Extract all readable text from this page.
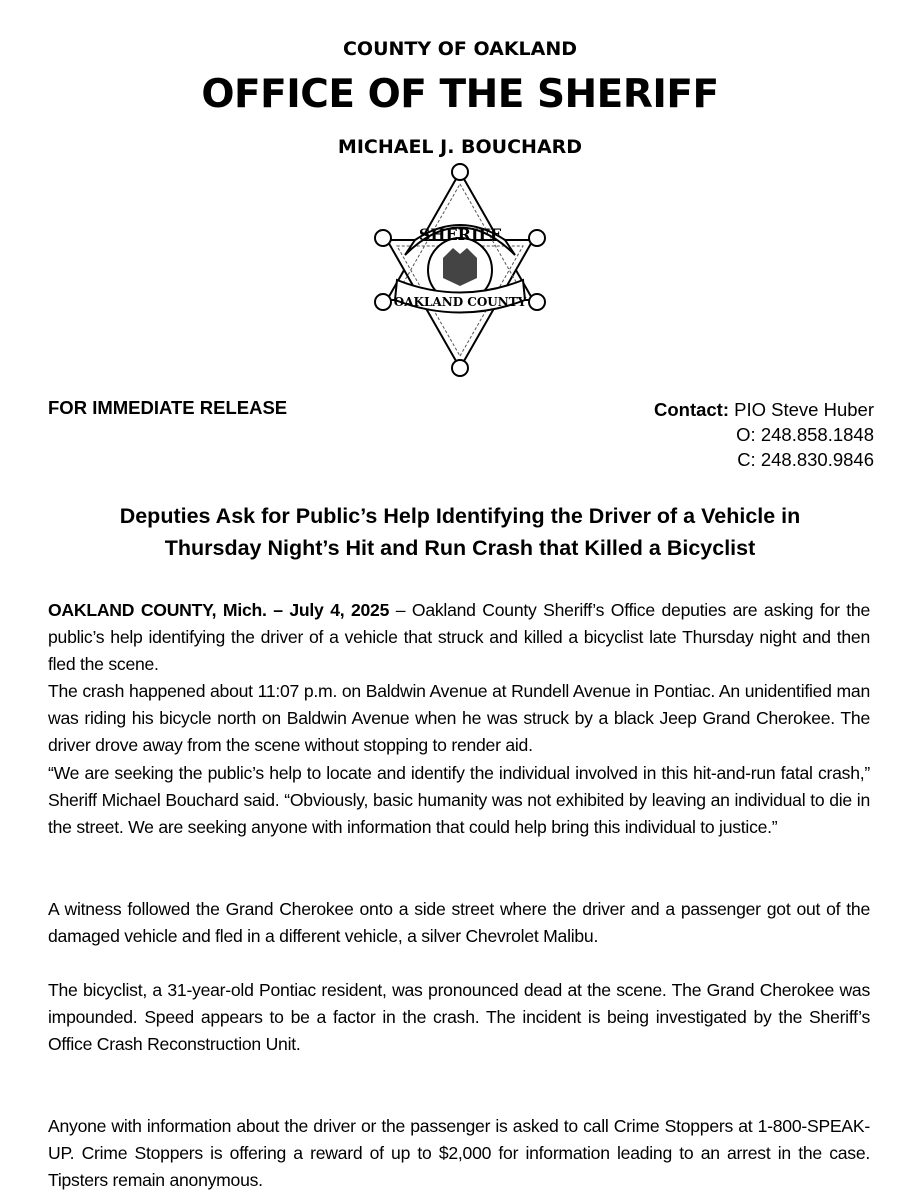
COUNTY OF OAKLAND
OFFICE OF THE SHERIFF
MICHAEL J. BOUCHARD
SHERIFF
OAKLAND COUNTY
FOR IMMEDIATE RELEASE	Contact: PIO Steve Huber
O: 248.858.1848
C: 248.830.9846
Deputies Ask for Public’s Help Identifying the Driver of a Vehicle in
Thursday Night’s Hit and Run Crash that Killed a Bicyclist
OAKLAND COUNTY, Mich. – July 4, 2025 – Oakland County Sheriff’s Office deputies are asking for the public’s help identifying the driver of a vehicle that struck and killed a bicyclist late Thursday night and then fled the scene.
The crash happened about 11:07 p.m. on Baldwin Avenue at Rundell Avenue in Pontiac. An unidentified man was riding his bicycle north on Baldwin Avenue when he was struck by a black Jeep Grand Cherokee. The driver drove away from the scene without stopping to render aid.
“We are seeking the public’s help to locate and identify the individual involved in this hit-and-run fatal crash,” Sheriff Michael Bouchard said. “Obviously, basic humanity was not exhibited by leaving an individual to die in the street. We are seeking anyone with information that could help bring this individual to justice.”
A witness followed the Grand Cherokee onto a side street where the driver and a passenger got out of the damaged vehicle and fled in a different vehicle, a silver Chevrolet Malibu.
The bicyclist, a 31-year-old Pontiac resident, was pronounced dead at the scene. The Grand Cherokee was impounded. Speed appears to be a factor in the crash. The incident is being investigated by the Sheriff’s Office Crash Reconstruction Unit.
Anyone with information about the driver or the passenger is asked to call Crime Stoppers at 1-800-SPEAK-UP. Crime Stoppers is offering a reward of up to $2,000 for information leading to an arrest in the case. Tipsters remain anonymous.
